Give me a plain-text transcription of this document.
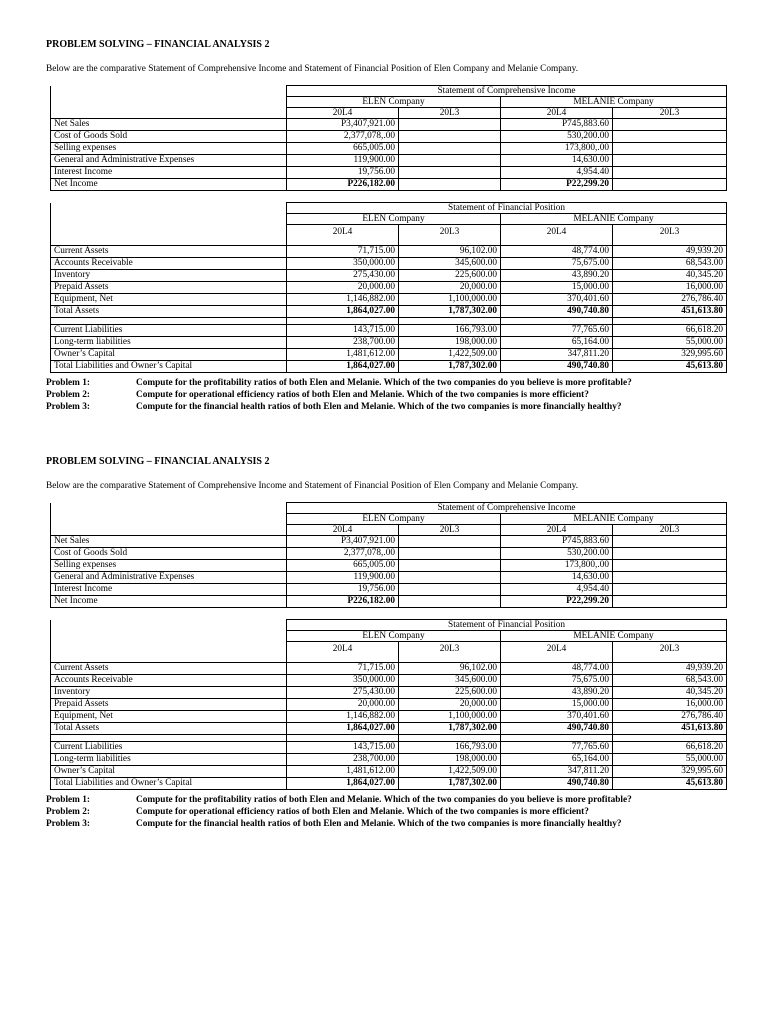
PROBLEM SOLVING – FINANCIAL ANALYSIS 2
Below are the comparative Statement of Comprehensive Income and Statement of Financial Position of Elen Company and Melanie Company.
	Statement of Comprehensive Income			
	ELEN Company		MELANIE Company	
	20L4	20L3	20L4	20L3
Net Sales	P3,407,921.00		P745,883.60	
Cost of Goods Sold	2,377,078,.00		530,200.00	
Selling expenses	665,005.00		173,800,.00	
General and Administrative Expenses	119,900.00		14,630.00	
Interest Income	19,756.00		4,954.40	
Net Income	P226,182.00		P22,299.20	
	Statement of Financial Position			
	ELEN Company		MELANIE Company	
	20L4	20L3	20L4	20L3
Current Assets	71,715.00	96,102.00	48,774.00	49,939.20
Accounts Receivable	350,000.00	345,600.00	75,675.00	68,543.00
Inventory	275,430.00	225,600.00	43,890.20	40,345.20
Prepaid Assets	20,000.00	20,000.00	15,000.00	16,000.00
Equipment, Net	1,146,882.00	1,100,000.00	370,401.60	276,786.40
Total Assets	1,864,027.00	1,787,302.00	490,740.80	451,613.80

Current Liabilities	143,715.00	166,793.00	77,765.60	66,618.20
Long-term liabilities	238,700.00	198,000.00	65,164.00	55,000.00
Owner’s Capital	1,481,612.00	1,422,509.00	347,811.20	329,995.60
Total Liabilities and Owner’s Capital	1,864,027.00	1,787,302.00	490,740.80	45,613.80
Problem 1:	Compute for the profitability ratios of both Elen and Melanie. Which of the two companies do you believe is more profitable?
Problem 2:	Compute for operational efficiency ratios of both Elen and Melanie. Which of the two companies is more efficient?
Problem 3:	Compute for the financial health ratios of both Elen and Melanie. Which of the two companies is more financially healthy?
PROBLEM SOLVING – FINANCIAL ANALYSIS 2
Below are the comparative Statement of Comprehensive Income and Statement of Financial Position of Elen Company and Melanie Company.
	Statement of Comprehensive Income			
	ELEN Company		MELANIE Company	
	20L4	20L3	20L4	20L3
Net Sales	P3,407,921.00		P745,883.60	
Cost of Goods Sold	2,377,078,.00		530,200.00	
Selling expenses	665,005.00		173,800,.00	
General and Administrative Expenses	119,900.00		14,630.00	
Interest Income	19,756.00		4,954.40	
Net Income	P226,182.00		P22,299.20	
	Statement of Financial Position			
	ELEN Company		MELANIE Company	
	20L4	20L3	20L4	20L3
Current Assets	71,715.00	96,102.00	48,774.00	49,939.20
Accounts Receivable	350,000.00	345,600.00	75,675.00	68,543.00
Inventory	275,430.00	225,600.00	43,890.20	40,345.20
Prepaid Assets	20,000.00	20,000.00	15,000.00	16,000.00
Equipment, Net	1,146,882.00	1,100,000.00	370,401.60	276,786.40
Total Assets	1,864,027.00	1,787,302.00	490,740.80	451,613.80

Current Liabilities	143,715.00	166,793.00	77,765.60	66,618.20
Long-term liabilities	238,700.00	198,000.00	65,164.00	55,000.00
Owner’s Capital	1,481,612.00	1,422,509.00	347,811.20	329,995.60
Total Liabilities and Owner’s Capital	1,864,027.00	1,787,302.00	490,740.80	45,613.80
Problem 1:	Compute for the profitability ratios of both Elen and Melanie. Which of the two companies do you believe is more profitable?
Problem 2:	Compute for operational efficiency ratios of both Elen and Melanie. Which of the two companies is more efficient?
Problem 3:	Compute for the financial health ratios of both Elen and Melanie. Which of the two companies is more financially healthy?
